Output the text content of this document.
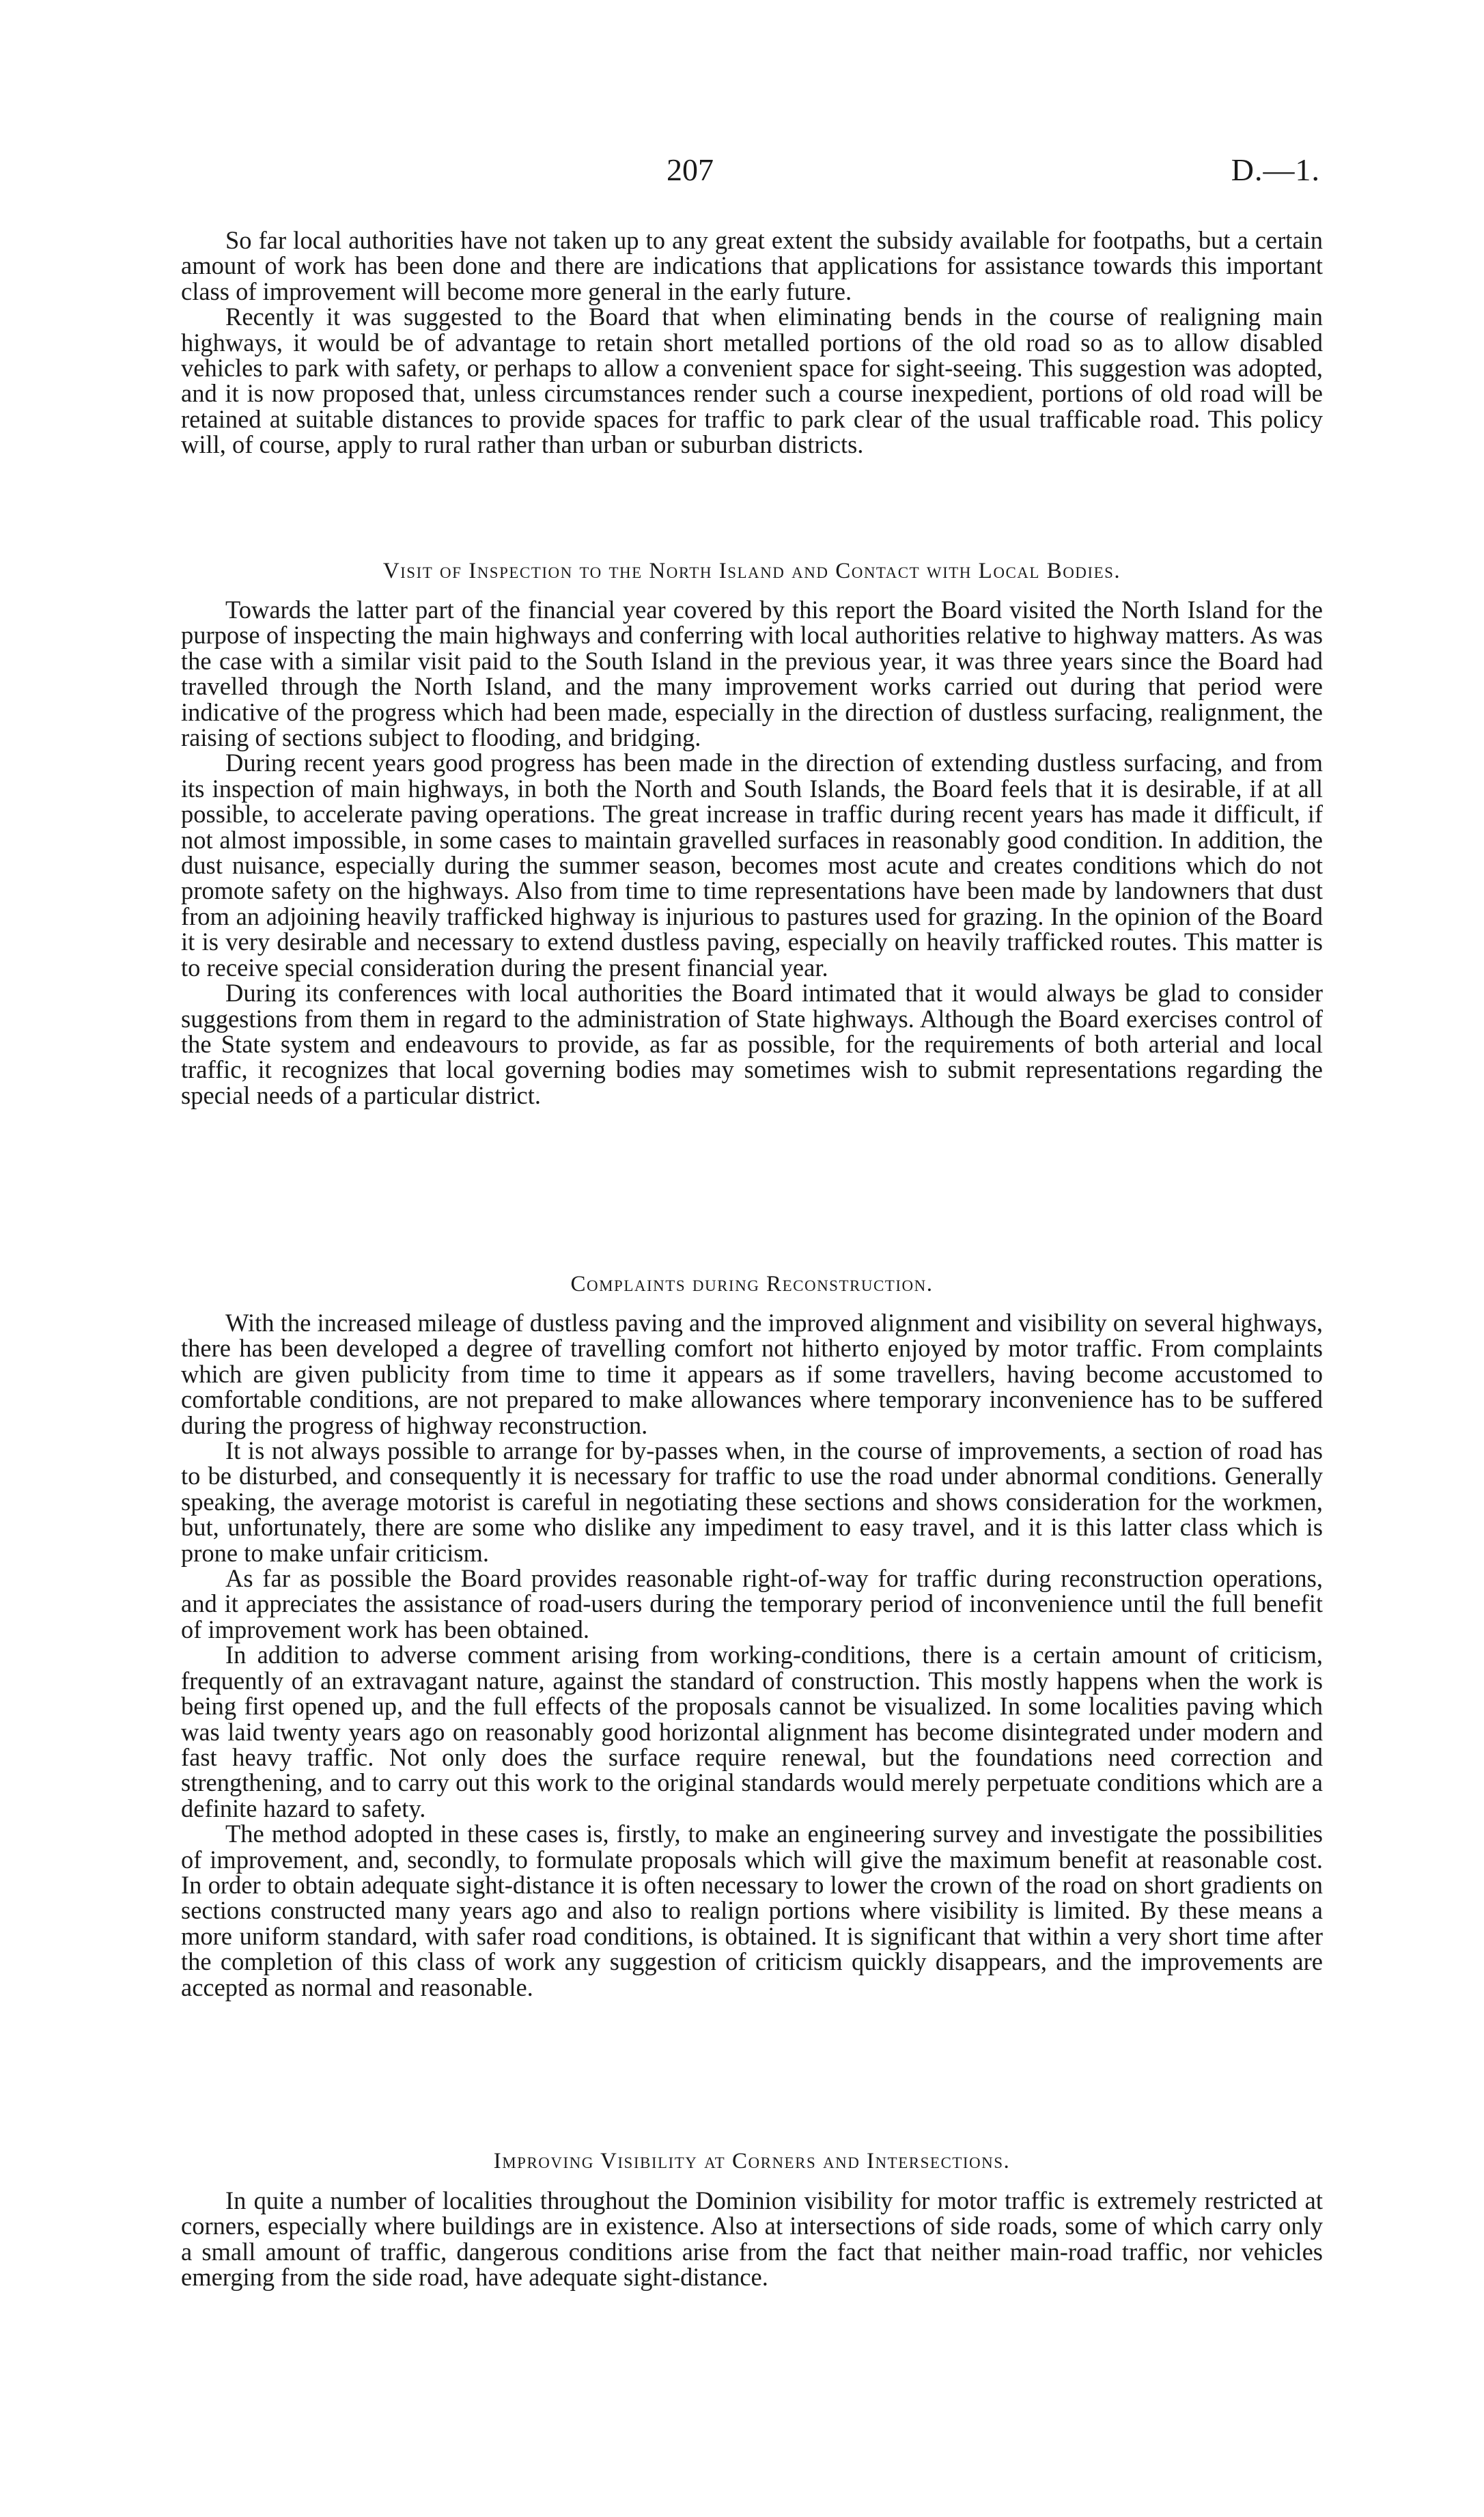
207	D.—1.

So far local authorities have not taken up to any great extent the subsidy available for footpaths, but a certain amount of work has been done and there are indications that applications for assistance towards this important class of improvement will become more general in the early future.

Recently it was suggested to the Board that when eliminating bends in the course of realigning main highways, it would be of advantage to retain short metalled portions of the old road so as to allow disabled vehicles to park with safety, or perhaps to allow a convenient space for sight-seeing. This suggestion was adopted, and it is now proposed that, unless circumstances render such a course inexpedient, portions of old road will be retained at suitable distances to provide spaces for traffic to park clear of the usual trafficable road. This policy will, of course, apply to rural rather than urban or suburban districts.

Visit of Inspection to the North Island and Contact with Local Bodies.

Towards the latter part of the financial year covered by this report the Board visited the North Island for the purpose of inspecting the main highways and conferring with local authorities relative to highway matters. As was the case with a similar visit paid to the South Island in the previous year, it was three years since the Board had travelled through the North Island, and the many improvement works carried out during that period were indicative of the progress which had been made, especially in the direction of dustless surfacing, realignment, the raising of sections subject to flooding, and bridging.

During recent years good progress has been made in the direction of extending dustless surfacing, and from its inspection of main highways, in both the North and South Islands, the Board feels that it is desirable, if at all possible, to accelerate paving operations. The great increase in traffic during recent years has made it difficult, if not almost impossible, in some cases to maintain gravelled surfaces in reasonably good condition. In addition, the dust nuisance, especially during the summer season, becomes most acute and creates conditions which do not promote safety on the highways. Also from time to time representations have been made by landowners that dust from an adjoining heavily trafficked highway is injurious to pastures used for grazing. In the opinion of the Board it is very desirable and necessary to extend dustless paving, especially on heavily trafficked routes. This matter is to receive special consideration during the present financial year.

During its conferences with local authorities the Board intimated that it would always be glad to consider suggestions from them in regard to the administration of State highways. Although the Board exercises control of the State system and endeavours to provide, as far as possible, for the requirements of both arterial and local traffic, it recognizes that local governing bodies may sometimes wish to submit representations regarding the special needs of a particular district.

Complaints during Reconstruction.

With the increased mileage of dustless paving and the improved alignment and visibility on several highways, there has been developed a degree of travelling comfort not hitherto enjoyed by motor traffic. From complaints which are given publicity from time to time it appears as if some travellers, having become accustomed to comfortable conditions, are not prepared to make allowances where temporary inconvenience has to be suffered during the progress of highway reconstruction.

It is not always possible to arrange for by-passes when, in the course of improvements, a section of road has to be disturbed, and consequently it is necessary for traffic to use the road under abnormal conditions. Generally speaking, the average motorist is careful in negotiating these sections and shows consideration for the workmen, but, unfortunately, there are some who dislike any impediment to easy travel, and it is this latter class which is prone to make unfair criticism.

As far as possible the Board provides reasonable right-of-way for traffic during reconstruction operations, and it appreciates the assistance of road-users during the temporary period of inconvenience until the full benefit of improvement work has been obtained.

In addition to adverse comment arising from working-conditions, there is a certain amount of criticism, frequently of an extravagant nature, against the standard of construction. This mostly happens when the work is being first opened up, and the full effects of the proposals cannot be visualized. In some localities paving which was laid twenty years ago on reasonably good horizontal alignment has become disintegrated under modern and fast heavy traffic. Not only does the surface require renewal, but the foundations need correction and strengthening, and to carry out this work to the original standards would merely perpetuate conditions which are a definite hazard to safety.

The method adopted in these cases is, firstly, to make an engineering survey and investigate the possibilities of improvement, and, secondly, to formulate proposals which will give the maximum benefit at reasonable cost. In order to obtain adequate sight-distance it is often necessary to lower the crown of the road on short gradients on sections constructed many years ago and also to realign portions where visibility is limited. By these means a more uniform standard, with safer road conditions, is obtained. It is significant that within a very short time after the completion of this class of work any suggestion of criticism quickly disappears, and the improvements are accepted as normal and reasonable.

Improving Visibility at Corners and Intersections.

In quite a number of localities throughout the Dominion visibility for motor traffic is extremely restricted at corners, especially where buildings are in existence. Also at intersections of side roads, some of which carry only a small amount of traffic, dangerous conditions arise from the fact that neither main-road traffic, nor vehicles emerging from the side road, have adequate sight-distance.
